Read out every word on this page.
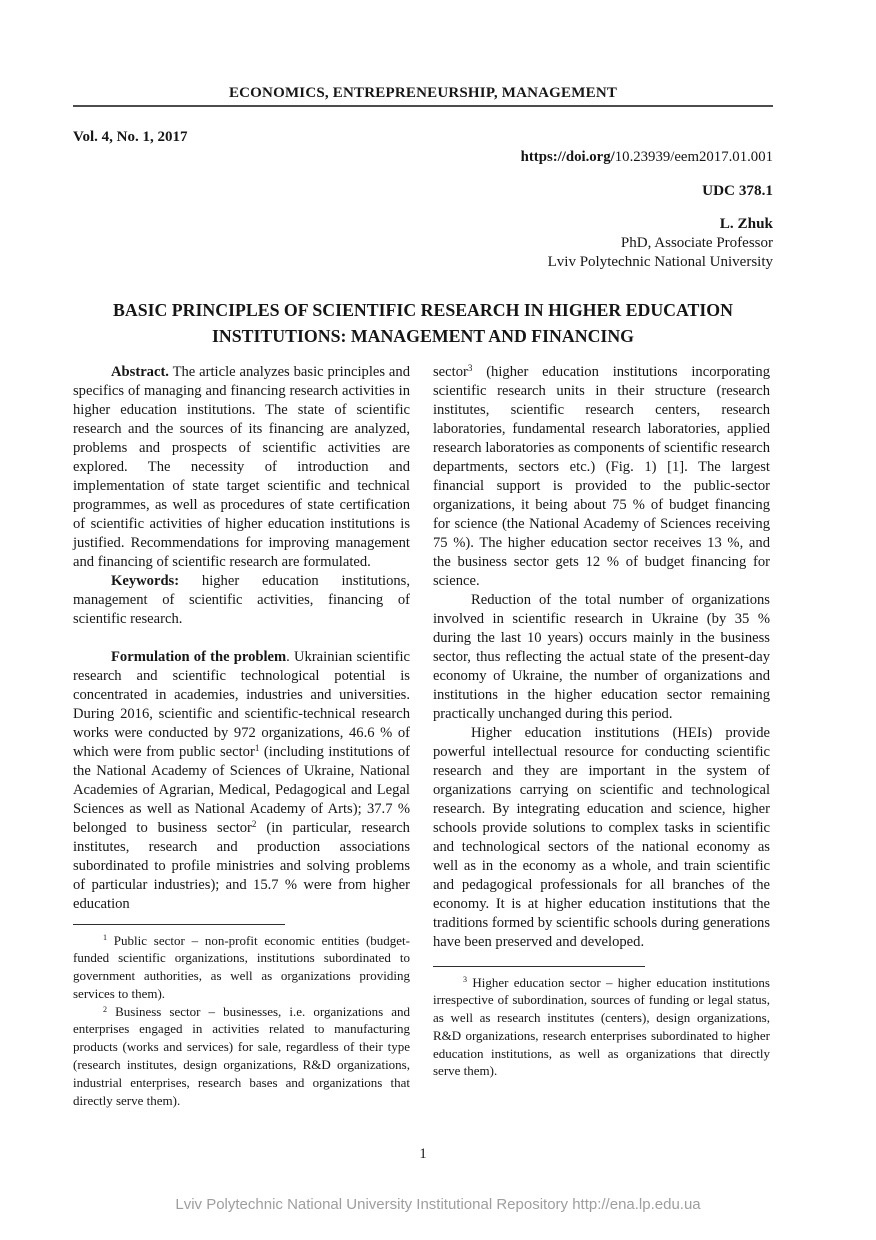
ECONOMICS, ENTREPRENEURSHIP, MANAGEMENT
Vol. 4, No. 1, 2017
https://doi.org/10.23939/eem2017.01.001
UDC 378.1
L. Zhuk
PhD, Associate Professor
Lviv Polytechnic National University
BASIC PRINCIPLES OF SCIENTIFIC RESEARCH IN HIGHER EDUCATION INSTITUTIONS: MANAGEMENT AND FINANCING

Abstract. The article analyzes basic principles and specifics of managing and financing research activities in higher education institutions. The state of scientific research and the sources of its financing are analyzed, problems and prospects of scientific activities are explored. The necessity of introduction and implementation of state target scientific and technical programmes, as well as procedures of state certification of scientific activities of higher education institutions is justified. Recommendations for improving management and financing of scientific research are formulated.

Keywords: higher education institutions, management of scientific activities, financing of scientific research.

Formulation of the problem. Ukrainian scientific research and scientific technological potential is concentrated in academies, industries and universities. During 2016, scientific and scientific-technical research works were conducted by 972 organizations, 46.6 % of which were from public sector$^1$ (including institutions of the National Academy of Sciences of Ukraine, National Academies of Agrarian, Medical, Pedagogical and Legal Sciences as well as National Academy of Arts); 37.7 % belonged to business sector$^2$ (in particular, research institutes, research and production associations subordinated to profile ministries and solving problems of particular industries); and 15.7 % were from higher education

$^1$ Public sector – non-profit economic entities (budget-funded scientific organizations, institutions subordinated to government authorities, as well as organizations providing services to them).

$^2$ Business sector – businesses, i.e. organizations and enterprises engaged in activities related to manufacturing products (works and services) for sale, regardless of their type (research institutes, design organizations, R&D organizations, industrial enterprises, research bases and organizations that directly serve them).

sector$^3$ (higher education institutions incorporating scientific research units in their structure (research institutes, scientific research centers, research laboratories, fundamental research laboratories, applied research laboratories as components of scientific research departments, sectors etc.) (Fig. 1) [1]. The largest financial support is provided to the public-sector organizations, it being about 75 % of budget financing for science (the National Academy of Sciences receiving 75 %). The higher education sector receives 13 %, and the business sector gets 12 % of budget financing for science.

Reduction of the total number of organizations involved in scientific research in Ukraine (by 35 % during the last 10 years) occurs mainly in the business sector, thus reflecting the actual state of the present-day economy of Ukraine, the number of organizations and institutions in the higher education sector remaining practically unchanged during this period.

Higher education institutions (HEIs) provide powerful intellectual resource for conducting scientific research and they are important in the system of organizations carrying on scientific and technological research. By integrating education and science, higher schools provide solutions to complex tasks in scientific and technological sectors of the national economy as well as in the economy as a whole, and train scientific and pedagogical professionals for all branches of the economy. It is at higher education institutions that the traditions formed by scientific schools during generations have been preserved and developed.

$^3$ Higher education sector – higher education institutions irrespective of subordination, sources of funding or legal status, as well as research institutes (centers), design organizations, R&D organizations, research enterprises subordinated to higher education institutions, as well as organizations that directly serve them).

1
Lviv Polytechnic National University Institutional Repository http://ena.lp.edu.ua
